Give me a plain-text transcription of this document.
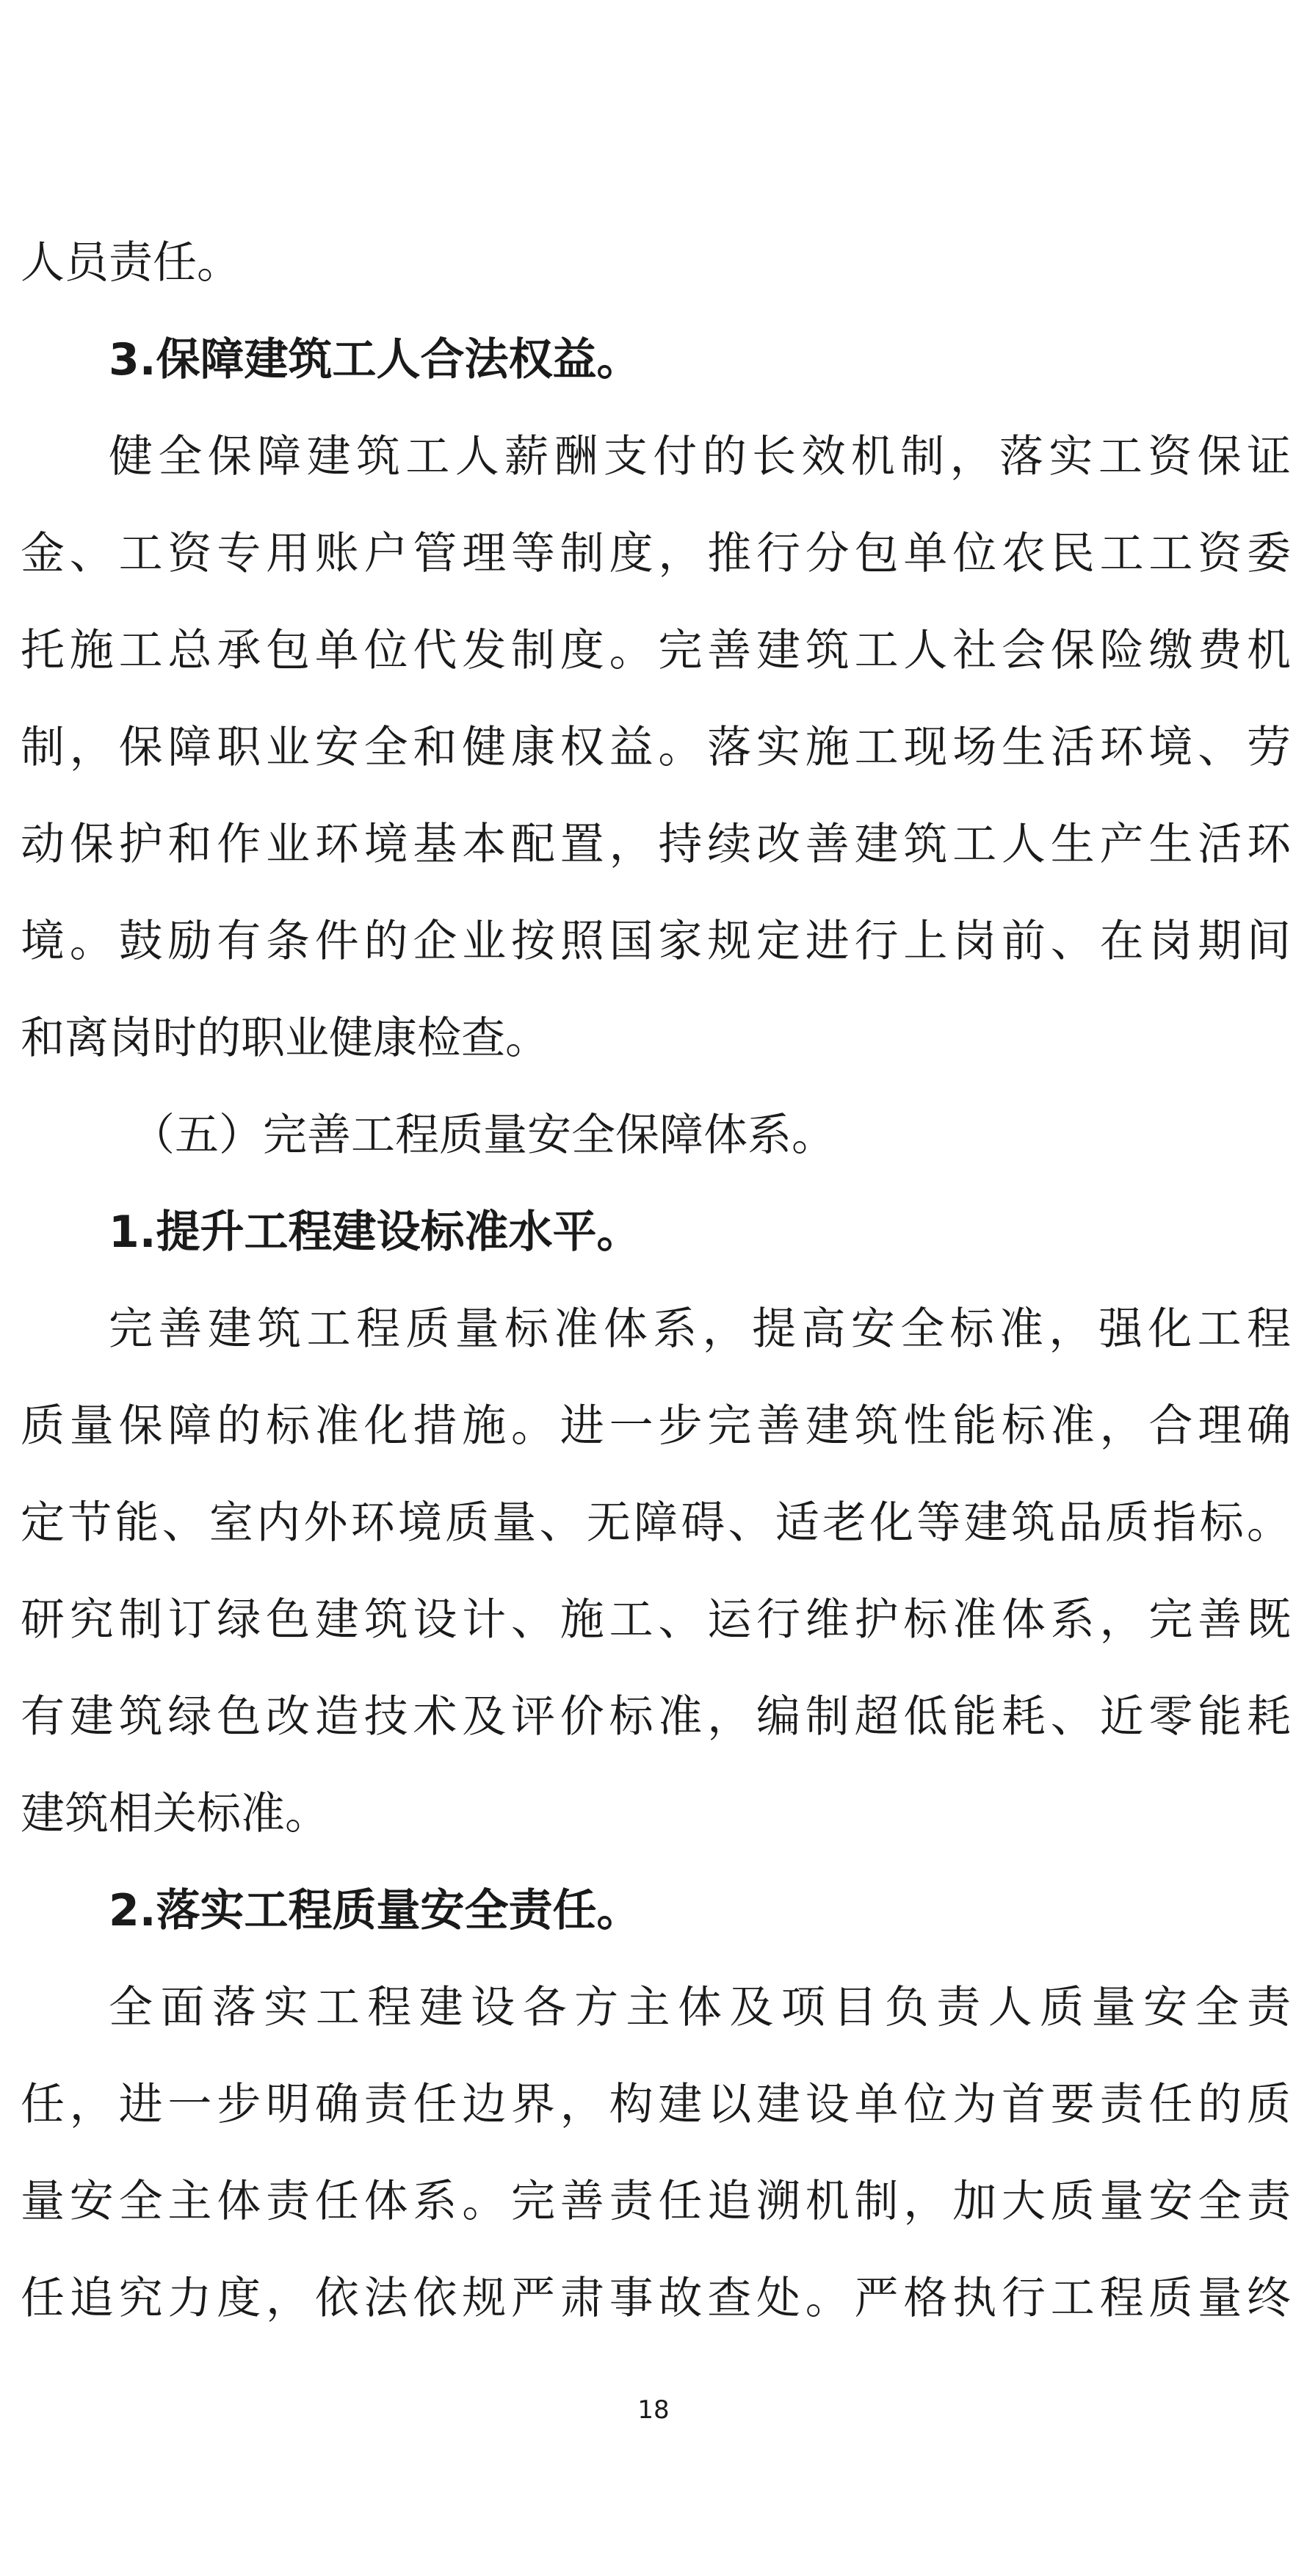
人员责任。
3.保障建筑工人合法权益。
健全保障建筑工人薪酬支付的长效机制，落实工资保证
金、工资专用账户管理等制度，推行分包单位农民工工资委
托施工总承包单位代发制度。完善建筑工人社会保险缴费机
制，保障职业安全和健康权益。落实施工现场生活环境、劳
动保护和作业环境基本配置，持续改善建筑工人生产生活环
境。鼓励有条件的企业按照国家规定进行上岗前、在岗期间
和离岗时的职业健康检查。
（五）完善工程质量安全保障体系。
1.提升工程建设标准水平。
完善建筑工程质量标准体系，提高安全标准，强化工程
质量保障的标准化措施。进一步完善建筑性能标准，合理确
定节能、室内外环境质量、无障碍、适老化等建筑品质指标。
研究制订绿色建筑设计、施工、运行维护标准体系，完善既
有建筑绿色改造技术及评价标准，编制超低能耗、近零能耗
建筑相关标准。
2.落实工程质量安全责任。
全面落实工程建设各方主体及项目负责人质量安全责
任，进一步明确责任边界，构建以建设单位为首要责任的质
量安全主体责任体系。完善责任追溯机制，加大质量安全责
任追究力度，依法依规严肃事故查处。严格执行工程质量终
18
